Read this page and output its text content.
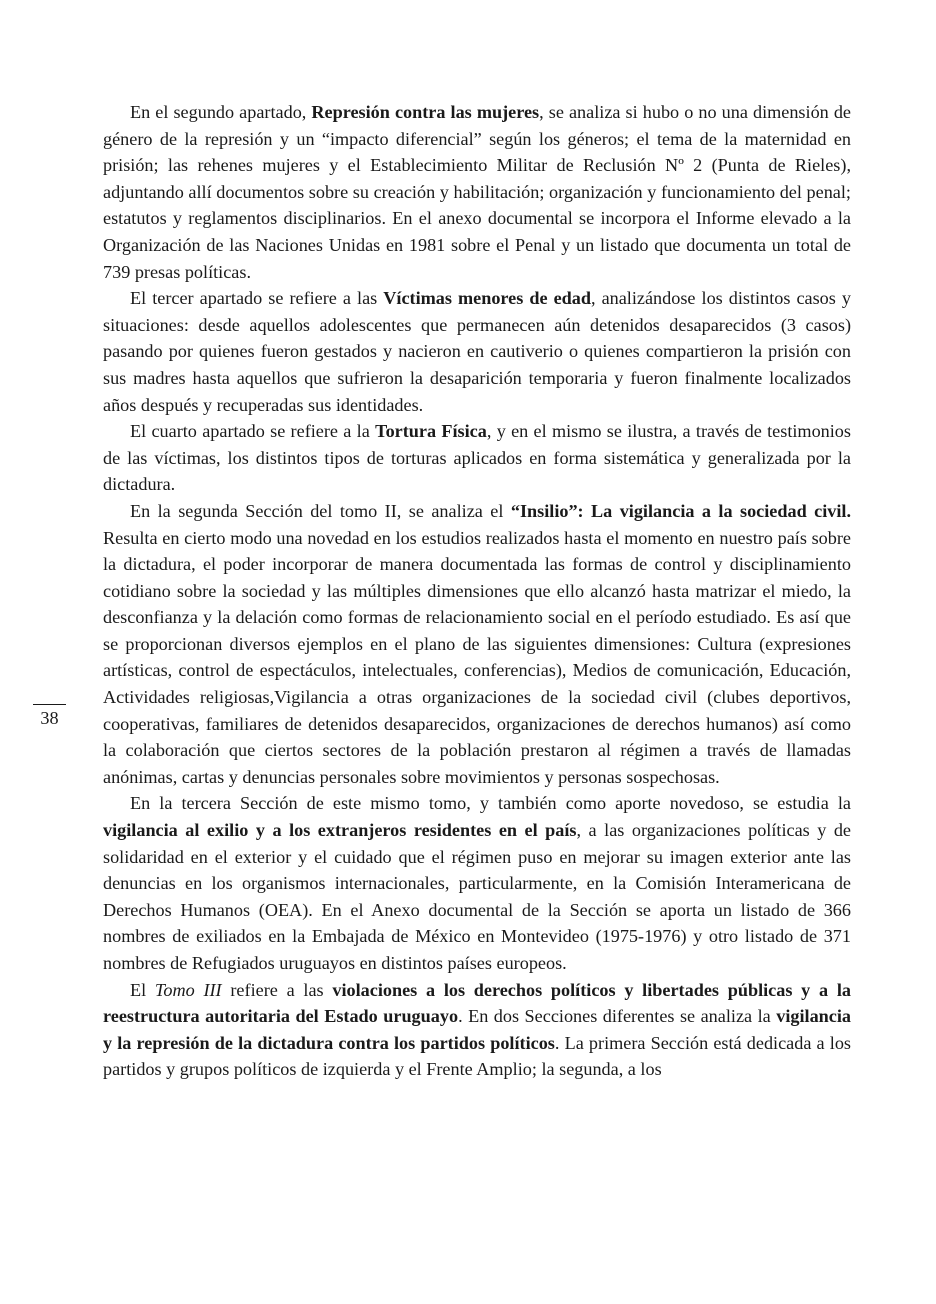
En el segundo apartado, Represión contra las mujeres, se analiza si hubo o no una dimensión de género de la represión y un “impacto diferencial” según los géneros; el tema de la maternidad en prisión; las rehenes mujeres y el Establecimiento Militar de Reclusión Nº 2 (Punta de Rieles), adjuntando allí documentos sobre su creación y habilitación; organización y funcionamiento del penal; estatutos y reglamentos disciplinarios. En el anexo documental se incorpora el Informe elevado a la Organización de las Naciones Unidas en 1981 sobre el Penal y un listado que documenta un total de 739 presas políticas.

El tercer apartado se refiere a las Víctimas menores de edad, analizándose los distintos casos y situaciones: desde aquellos adolescentes que permanecen aún detenidos desaparecidos (3 casos) pasando por quienes fueron gestados y nacieron en cautiverio o quienes compartieron la prisión con sus madres hasta aquellos que sufrieron la desaparición temporaria y fueron finalmente localizados años después y recuperadas sus identidades.

El cuarto apartado se refiere a la Tortura Física, y en el mismo se ilustra, a través de testimonios de las víctimas, los distintos tipos de torturas aplicados en forma sistemática y generalizada por la dictadura.

En la segunda Sección del tomo II, se analiza el “Insilio”: La vigilancia a la sociedad civil. Resulta en cierto modo una novedad en los estudios realizados hasta el momento en nuestro país sobre la dictadura, el poder incorporar de manera documentada las formas de control y disciplinamiento cotidiano sobre la sociedad y las múltiples dimensiones que ello alcanzó hasta matrizar el miedo, la desconfianza y la delación como formas de relacionamiento social en el período estudiado. Es así que se proporcionan diversos ejemplos en el plano de las siguientes dimensiones: Cultura (expresiones artísticas, control de espectáculos, intelectuales, conferencias), Medios de comunicación, Educación, Actividades religiosas,Vigilancia a otras organizaciones de la sociedad civil (clubes deportivos, cooperativas, familiares de detenidos desaparecidos, organizaciones de derechos humanos) así como la colaboración que ciertos sectores de la población prestaron al régimen a través de llamadas anónimas, cartas y denuncias personales sobre movimientos y personas sospechosas.

En la tercera Sección de este mismo tomo, y también como aporte novedoso, se estudia la vigilancia al exilio y a los extranjeros residentes en el país, a las organizaciones políticas y de solidaridad en el exterior y el cuidado que el régimen puso en mejorar su imagen exterior ante las denuncias en los organismos internacionales, particularmente, en la Comisión Interamericana de Derechos Humanos (OEA). En el Anexo documental de la Sección se aporta un listado de 366 nombres de exiliados en la Embajada de México en Montevideo (1975-1976) y otro listado de 371 nombres de Refugiados uruguayos en distintos países europeos.

El Tomo III refiere a las violaciones a los derechos políticos y libertades públicas y a la reestructura autoritaria del Estado uruguayo. En dos Secciones diferentes se analiza la vigilancia y la represión de la dictadura contra los partidos políticos. La primera Sección está dedicada a los partidos y grupos políticos de izquierda y el Frente Amplio; la segunda, a los

38
